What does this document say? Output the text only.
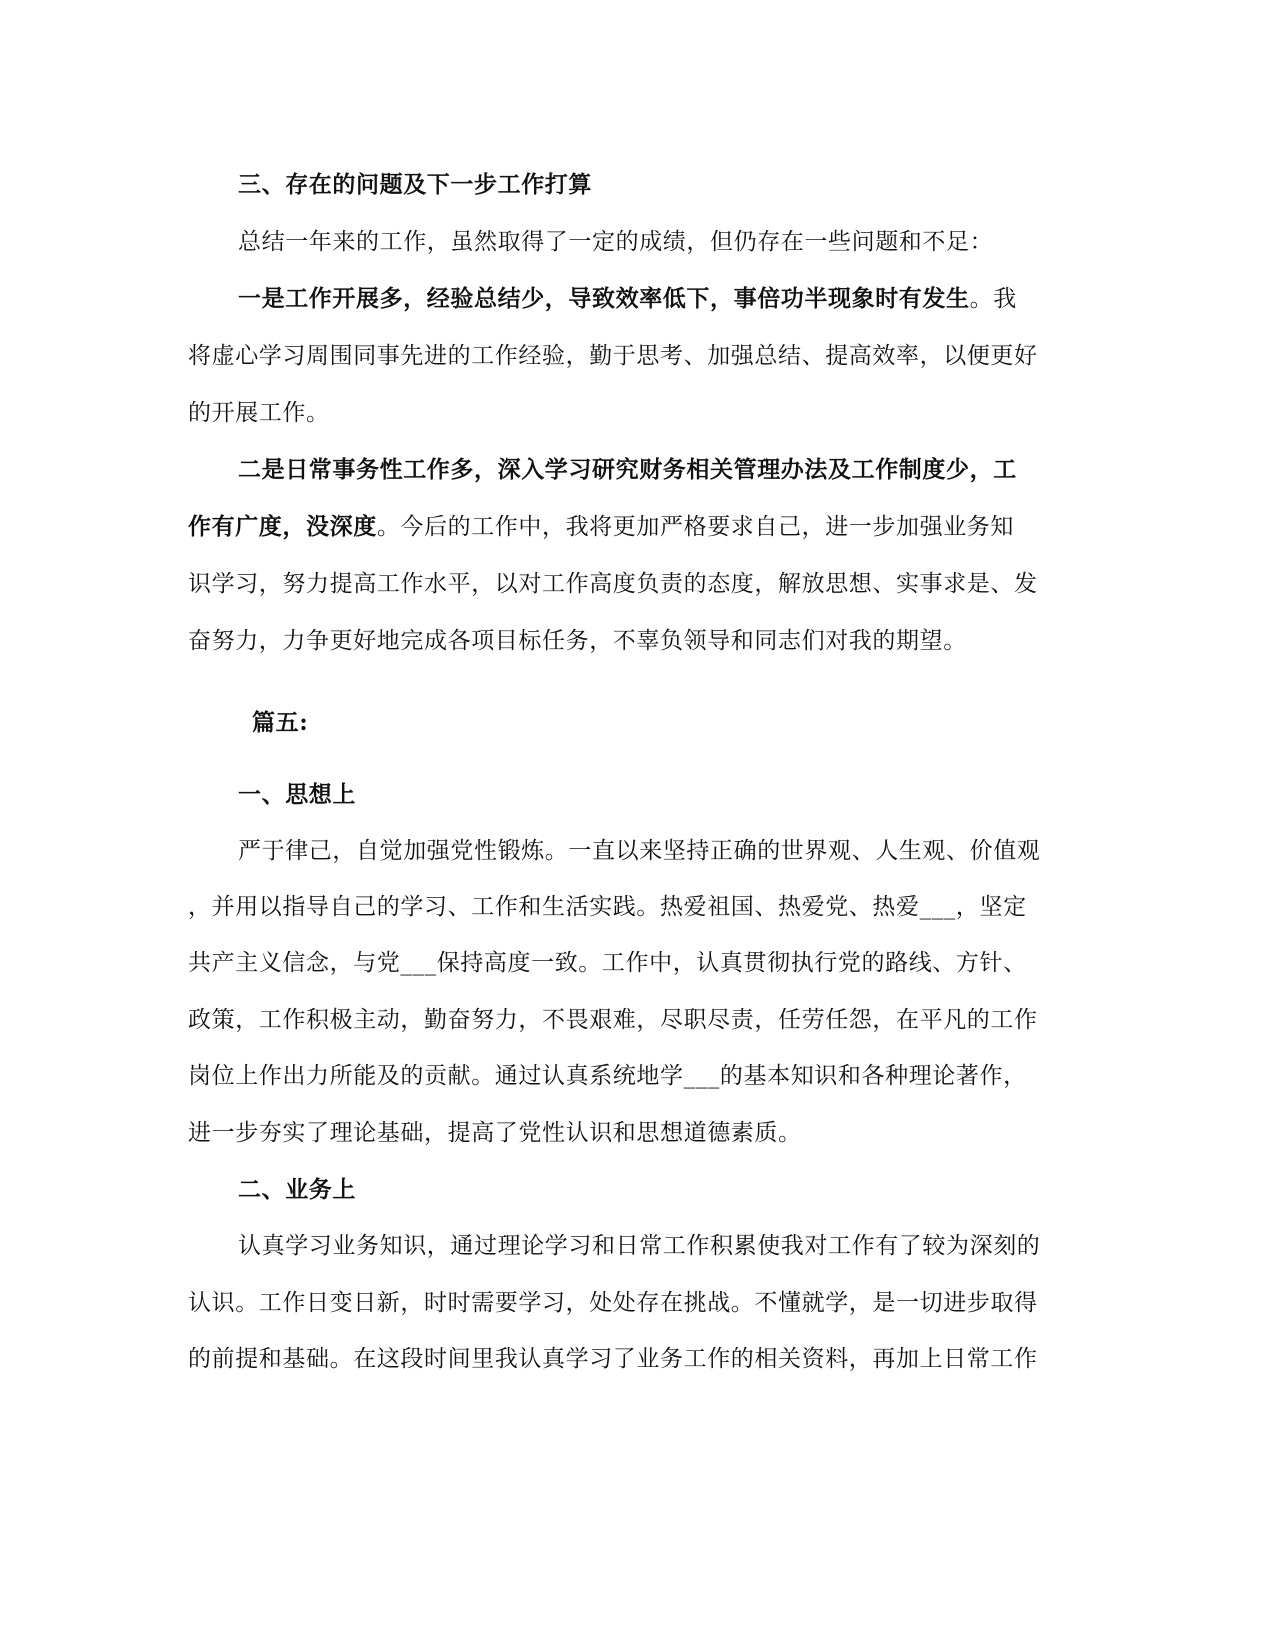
三、存在的问题及下一步工作打算
总结一年来的工作，虽然取得了一定的成绩，但仍存在一些问题和不足：
一是工作开展多，经验总结少，导致效率低下，事倍功半现象时有发生。我
将虚心学习周围同事先进的工作经验，勤于思考、加强总结、提高效率，以便更好
的开展工作。
二是日常事务性工作多，深入学习研究财务相关管理办法及工作制度少，工
作有广度，没深度。今后的工作中，我将更加严格要求自己，进一步加强业务知
识学习，努力提高工作水平，以对工作高度负责的态度，解放思想、实事求是、发
奋努力，力争更好地完成各项目标任务，不辜负领导和同志们对我的期望。
篇五:
一、思想上
严于律己，自觉加强党性锻炼。一直以来坚持正确的世界观、人生观、价值观
，并用以指导自己的学习、工作和生活实践。热爱祖国、热爱党、热爱___，坚定
共产主义信念，与党___保持高度一致。工作中，认真贯彻执行党的路线、方针、
政策，工作积极主动，勤奋努力，不畏艰难，尽职尽责，任劳任怨，在平凡的工作
岗位上作出力所能及的贡献。通过认真系统地学___的基本知识和各种理论著作，
进一步夯实了理论基础，提高了党性认识和思想道德素质。
二、业务上
认真学习业务知识，通过理论学习和日常工作积累使我对工作有了较为深刻的
认识。工作日变日新，时时需要学习，处处存在挑战。不懂就学，是一切进步取得
的前提和基础。在这段时间里我认真学习了业务工作的相关资料，再加上日常工作
